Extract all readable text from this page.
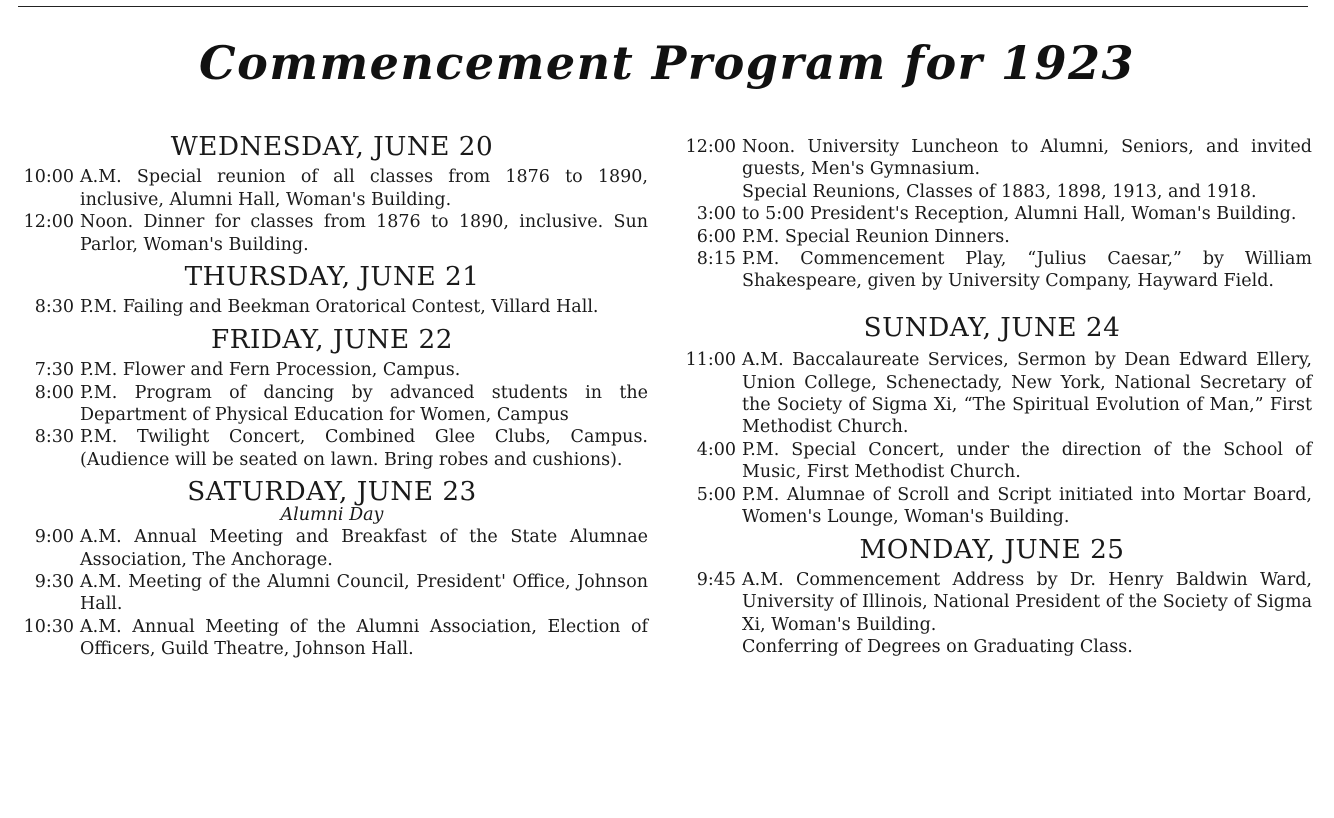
Commencement Program for 1923
WEDNESDAY, JUNE 20
10:00 A.M. Special reunion of all classes from 1876 to 1890, inclusive, Alumni Hall, Woman's Building.
12:00 Noon. Dinner for classes from 1876 to 1890, inclusive. Sun Parlor, Woman's Building.
THURSDAY, JUNE 21
8:30 P.M. Failing and Beekman Oratorical Contest, Villard Hall.
FRIDAY, JUNE 22
7:30 P.M. Flower and Fern Procession, Campus.
8:00 P.M. Program of dancing by advanced students in the Department of Physical Education for Women, Campus
8:30 P.M. Twilight Concert, Combined Glee Clubs, Campus. (Audience will be seated on lawn. Bring robes and cushions).
SATURDAY, JUNE 23
Alumni Day
9:00 A.M. Annual Meeting and Breakfast of the State Alumnae Association, The Anchorage.
9:30 A.M. Meeting of the Alumni Council, President' Office, Johnson Hall.
10:30 A.M. Annual Meeting of the Alumni Association, Election of Officers, Guild Theatre, Johnson Hall.
12:00 Noon. University Luncheon to Alumni, Seniors, and invited guests, Men's Gymnasium.
Special Reunions, Classes of 1883, 1898, 1913, and 1918.
3:00 to 5:00 President's Reception, Alumni Hall, Woman's Building.
6:00 P.M. Special Reunion Dinners.
8:15 P.M. Commencement Play, “Julius Caesar,” by William Shakespeare, given by University Company, Hayward Field.
SUNDAY, JUNE 24
11:00 A.M. Baccalaureate Services, Sermon by Dean Edward Ellery, Union College, Schenectady, New York, National Secretary of the Society of Sigma Xi, “The Spiritual Evolution of Man,” First Methodist Church.
4:00 P.M. Special Concert, under the direction of the School of Music, First Methodist Church.
5:00 P.M. Alumnae of Scroll and Script initiated into Mortar Board, Women's Lounge, Woman's Building.
MONDAY, JUNE 25
9:45 A.M. Commencement Address by Dr. Henry Baldwin Ward, University of Illinois, National President of the Society of Sigma Xi, Woman's Building.
Conferring of Degrees on Graduating Class.
